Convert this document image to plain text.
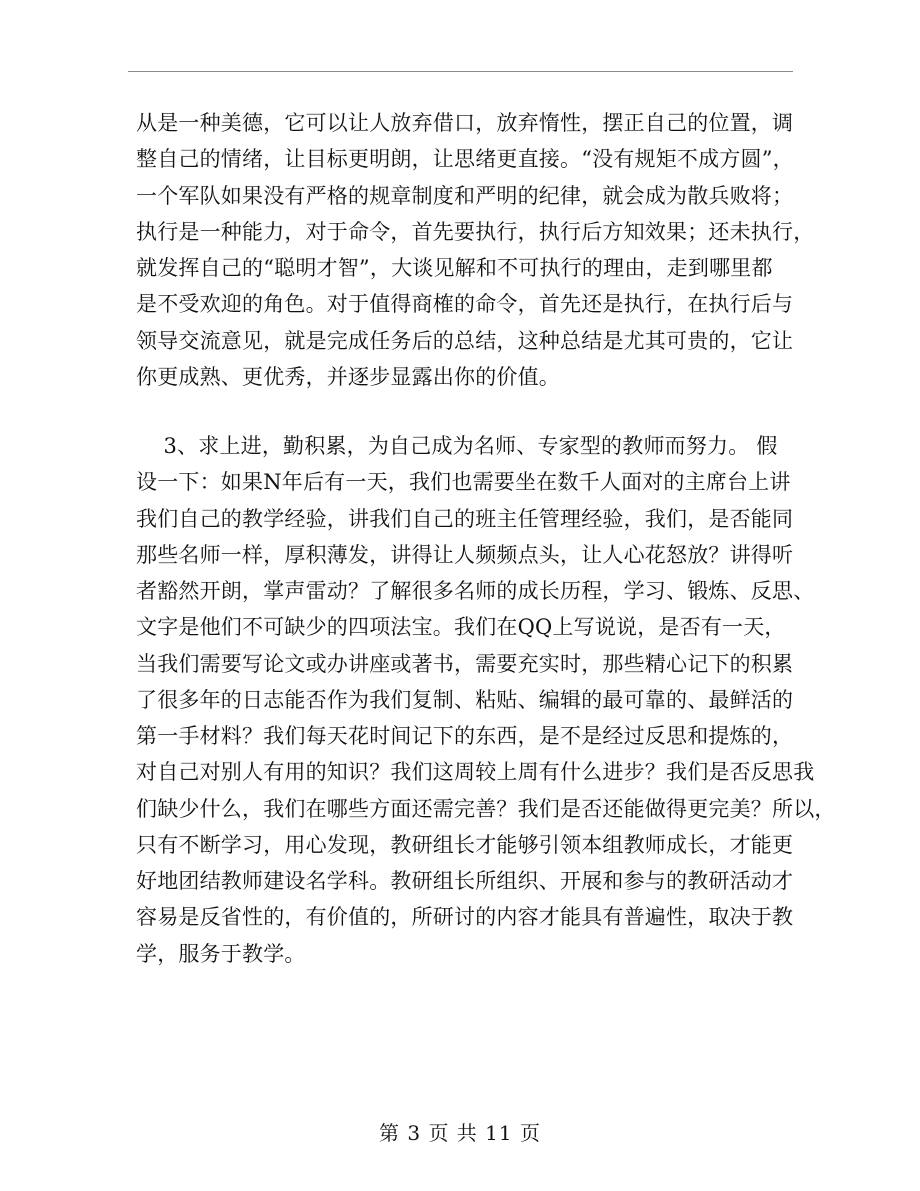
从是一种美德，它可以让人放弃借口，放弃惰性，摆正自己的位置，调
整自己的情绪，让目标更明朗，让思绪更直接。“没有规矩不成方圆”，
一个军队如果没有严格的规章制度和严明的纪律，就会成为散兵败将；
执行是一种能力，对于命令，首先要执行，执行后方知效果；还未执行，
就发挥自己的“聪明才智”，大谈见解和不可执行的理由，走到哪里都
是不受欢迎的角色。对于值得商榷的命令，首先还是执行，在执行后与
领导交流意见，就是完成任务后的总结，这种总结是尤其可贵的，它让
你更成熟、更优秀，并逐步显露出你的价值。
3、求上进，勤积累，为自己成为名师、专家型的教师而努力。 假
设一下：如果N年后有一天，我们也需要坐在数千人面对的主席台上讲
我们自己的教学经验，讲我们自己的班主任管理经验，我们，是否能同
那些名师一样，厚积薄发，讲得让人频频点头，让人心花怒放？讲得听
者豁然开朗，掌声雷动？了解很多名师的成长历程，学习、锻炼、反思、
文字是他们不可缺少的四项法宝。我们在QQ上写说说，是否有一天，
当我们需要写论文或办讲座或著书，需要充实时，那些精心记下的积累
了很多年的日志能否作为我们复制、粘贴、编辑的最可靠的、最鲜活的
第一手材料？我们每天花时间记下的东西，是不是经过反思和提炼的，
对自己对别人有用的知识？我们这周较上周有什么进步？我们是否反思我
们缺少什么，我们在哪些方面还需完善？我们是否还能做得更完美？所以，
只有不断学习，用心发现，教研组长才能够引领本组教师成长，才能更
好地团结教师建设名学科。教研组长所组织、开展和参与的教研活动才
容易是反省性的，有价值的，所研讨的内容才能具有普遍性，取决于教
学，服务于教学。
第 3 页 共 11 页
